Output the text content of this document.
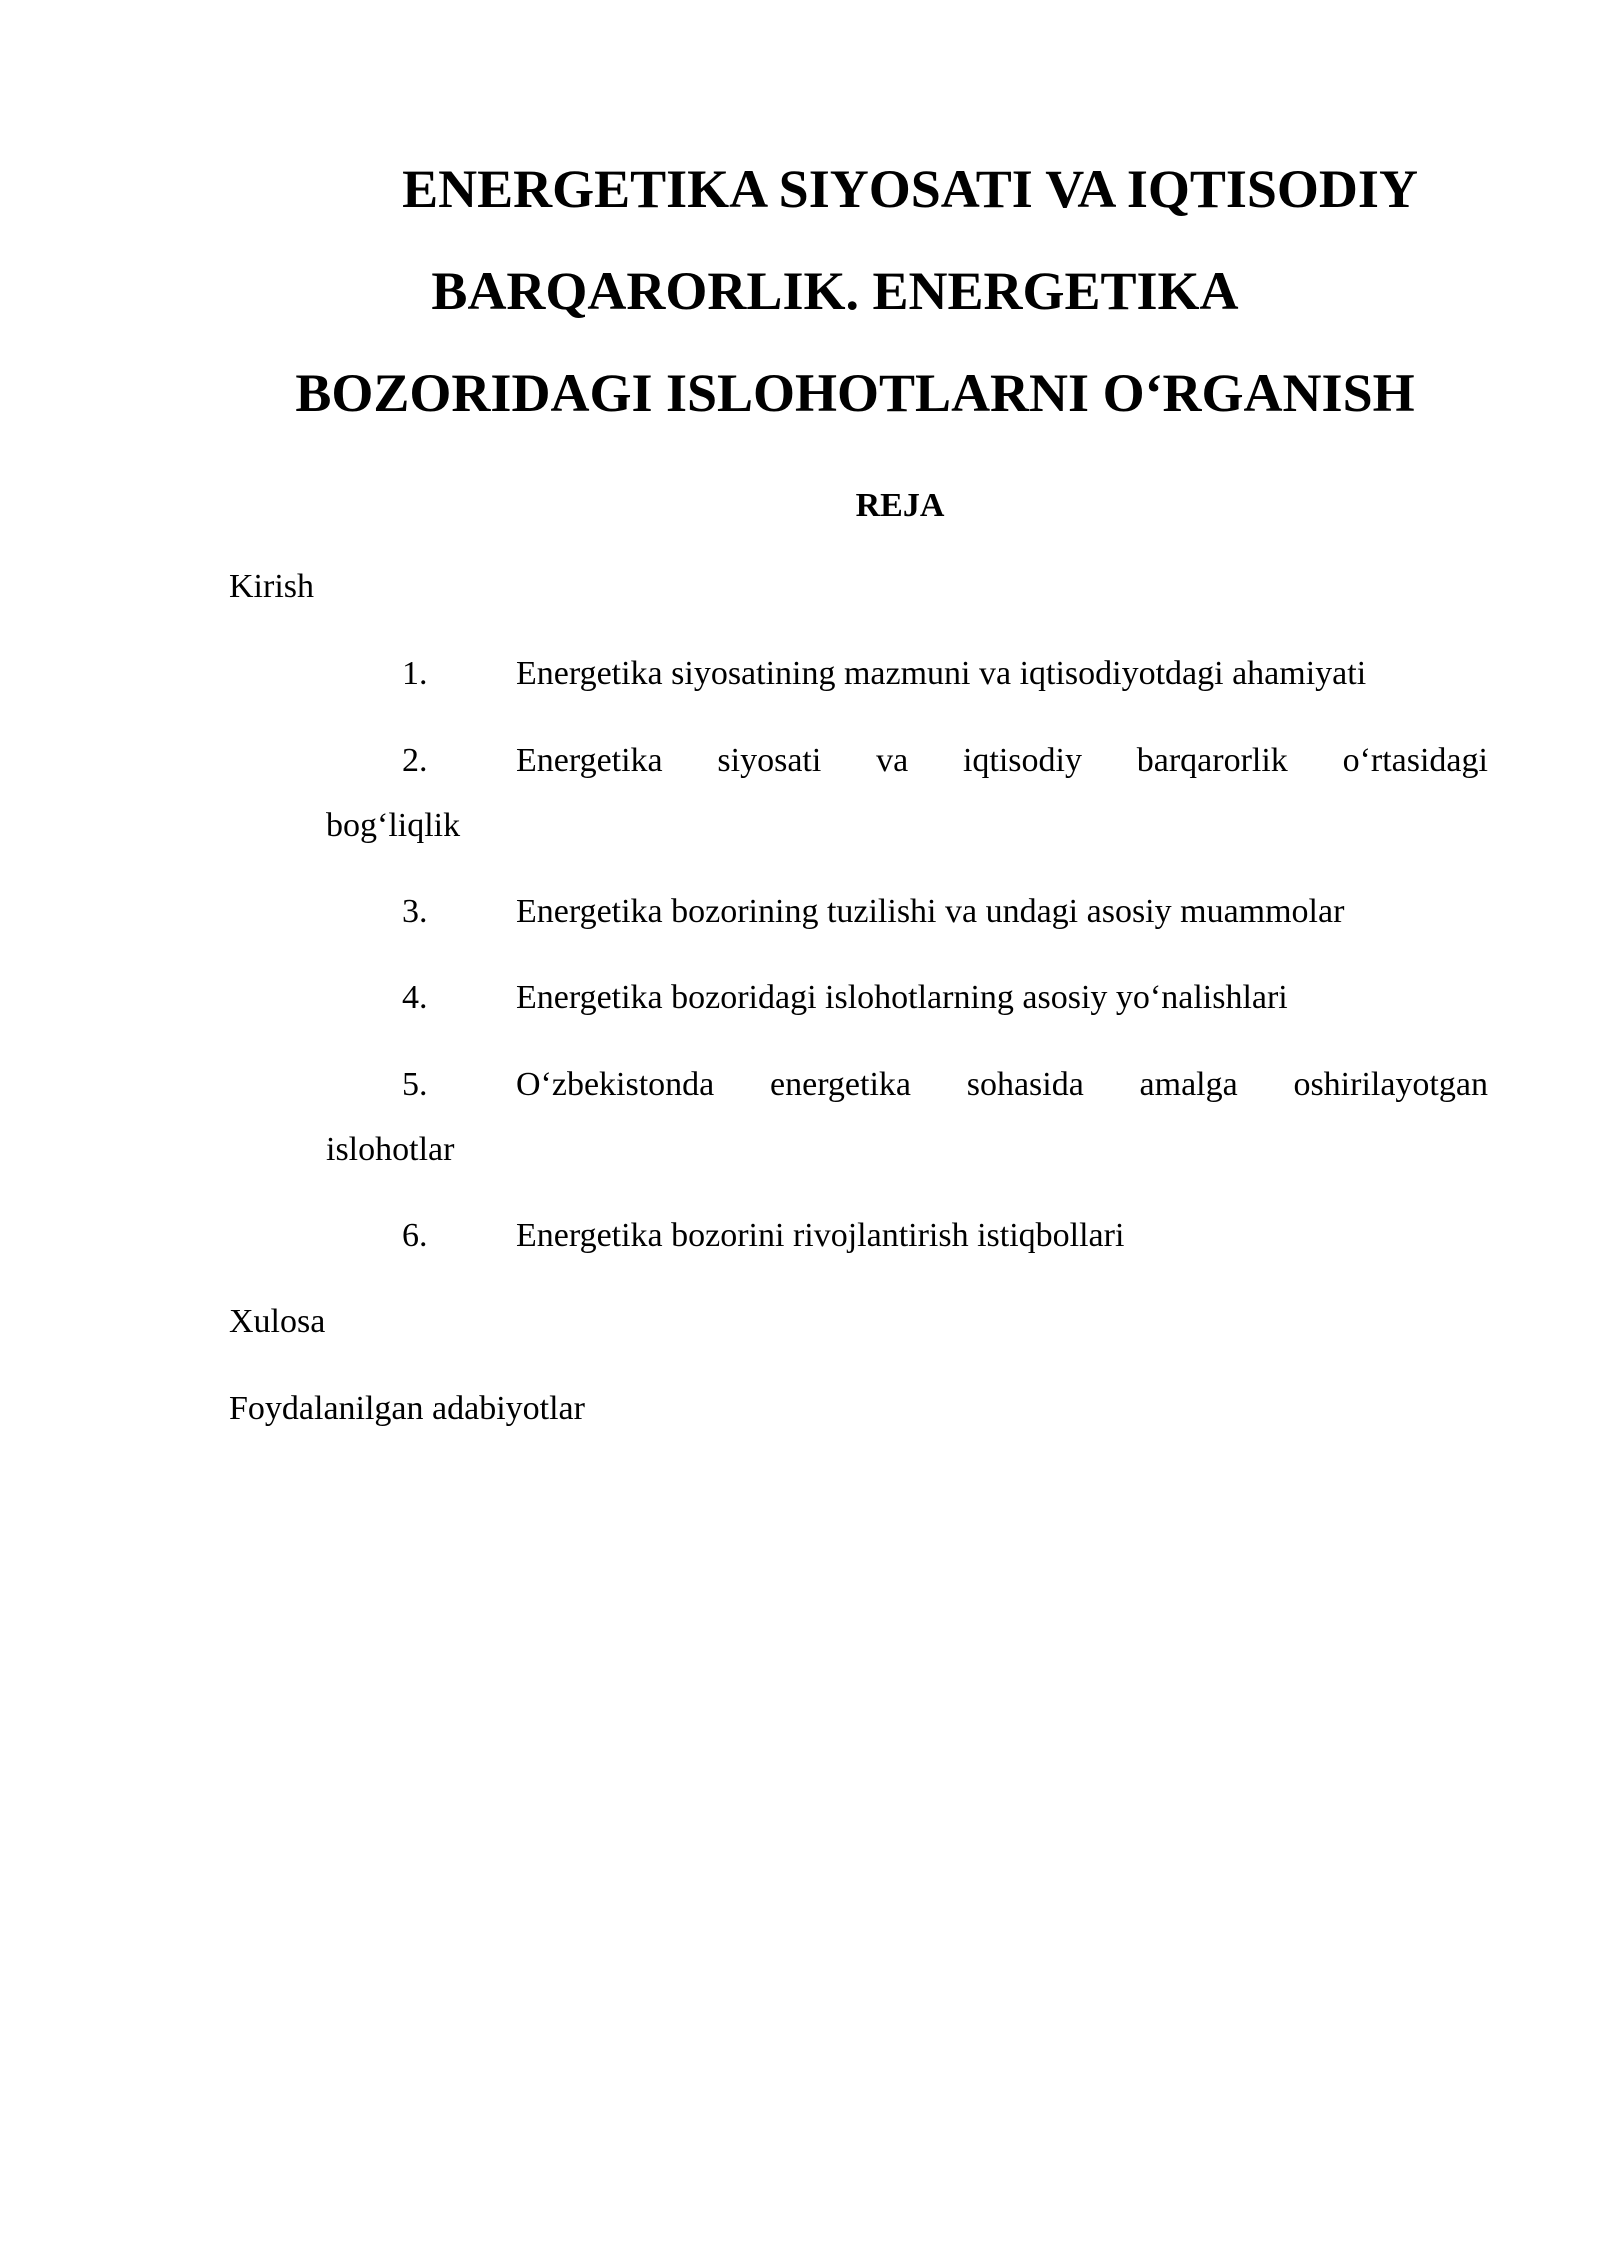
ENERGETIKA SIYOSATI VA IQTISODIY
BARQARORLIK. ENERGETIKA
BOZORIDAGI ISLOHOTLARNI O‘RGANISH

REJA

Kirish

1.	Energetika siyosatining mazmuni va iqtisodiyotdagi ahamiyati
2.	Energetika siyosati va iqtisodiy barqarorlik o‘rtasidagi
bog‘liqlik
3.	Energetika bozorining tuzilishi va undagi asosiy muammolar
4.	Energetika bozoridagi islohotlarning asosiy yo‘nalishlari
5.	O‘zbekistonda energetika sohasida amalga oshirilayotgan
islohotlar
6.	Energetika bozorini rivojlantirish istiqbollari

Xulosa

Foydalanilgan adabiyotlar
